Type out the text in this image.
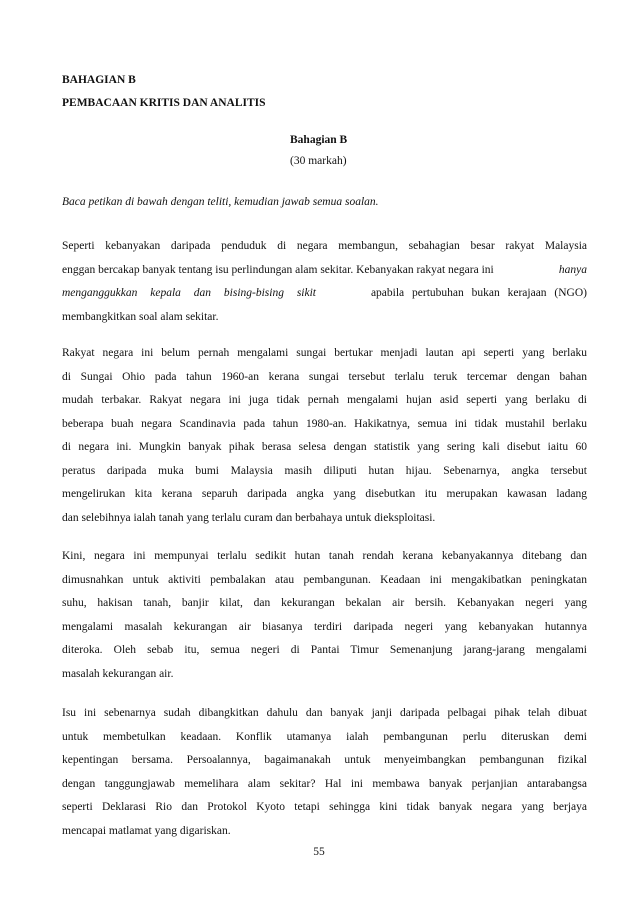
BAHAGIAN B
PEMBACAAN KRITIS DAN ANALITIS
Bahagian B
(30 markah)
Baca petikan di bawah dengan teliti, kemudian jawab semua soalan.
Seperti kebanyakan daripada penduduk di negara membangun, sebahagian besar rakyat Malaysia
enggan bercakap banyak tentang isu perlindungan alam sekitar. Kebanyakan rakyat negara ini	hanya
menganggukkan kepala dan bising-bising sikit	apabila pertubuhan bukan kerajaan (NGO)
membangkitkan soal alam sekitar.
Rakyat negara ini belum pernah mengalami sungai bertukar menjadi lautan api seperti yang berlaku
di Sungai Ohio pada tahun 1960-an kerana sungai tersebut terlalu teruk tercemar dengan bahan
mudah terbakar. Rakyat negara ini juga tidak pernah mengalami hujan asid seperti yang berlaku di
beberapa buah negara Scandinavia pada tahun 1980-an. Hakikatnya, semua ini tidak mustahil berlaku
di negara ini. Mungkin banyak pihak berasa selesa dengan statistik yang sering kali disebut iaitu 60
peratus daripada muka bumi Malaysia masih diliputi hutan hijau. Sebenarnya, angka tersebut
mengelirukan kita kerana separuh daripada angka yang disebutkan itu merupakan kawasan ladang
dan selebihnya ialah tanah yang terlalu curam dan berbahaya untuk dieksploitasi.
Kini, negara ini mempunyai terlalu sedikit hutan tanah rendah kerana kebanyakannya ditebang dan
dimusnahkan untuk aktiviti pembalakan atau pembangunan. Keadaan ini mengakibatkan peningkatan
suhu, hakisan tanah, banjir kilat, dan kekurangan bekalan air bersih. Kebanyakan negeri yang
mengalami masalah kekurangan air biasanya terdiri daripada negeri yang kebanyakan hutannya
diteroka. Oleh sebab itu, semua negeri di Pantai Timur Semenanjung jarang-jarang mengalami
masalah kekurangan air.
Isu ini sebenarnya sudah dibangkitkan dahulu dan banyak janji daripada pelbagai pihak telah dibuat
untuk membetulkan keadaan. Konflik utamanya ialah pembangunan perlu diteruskan demi
kepentingan bersama. Persoalannya, bagaimanakah untuk menyeimbangkan pembangunan fizikal
dengan tanggungjawab memelihara alam sekitar? Hal ini membawa banyak perjanjian antarabangsa
seperti Deklarasi Rio dan Protokol Kyoto tetapi sehingga kini tidak banyak negara yang berjaya
mencapai matlamat yang digariskan.
55
